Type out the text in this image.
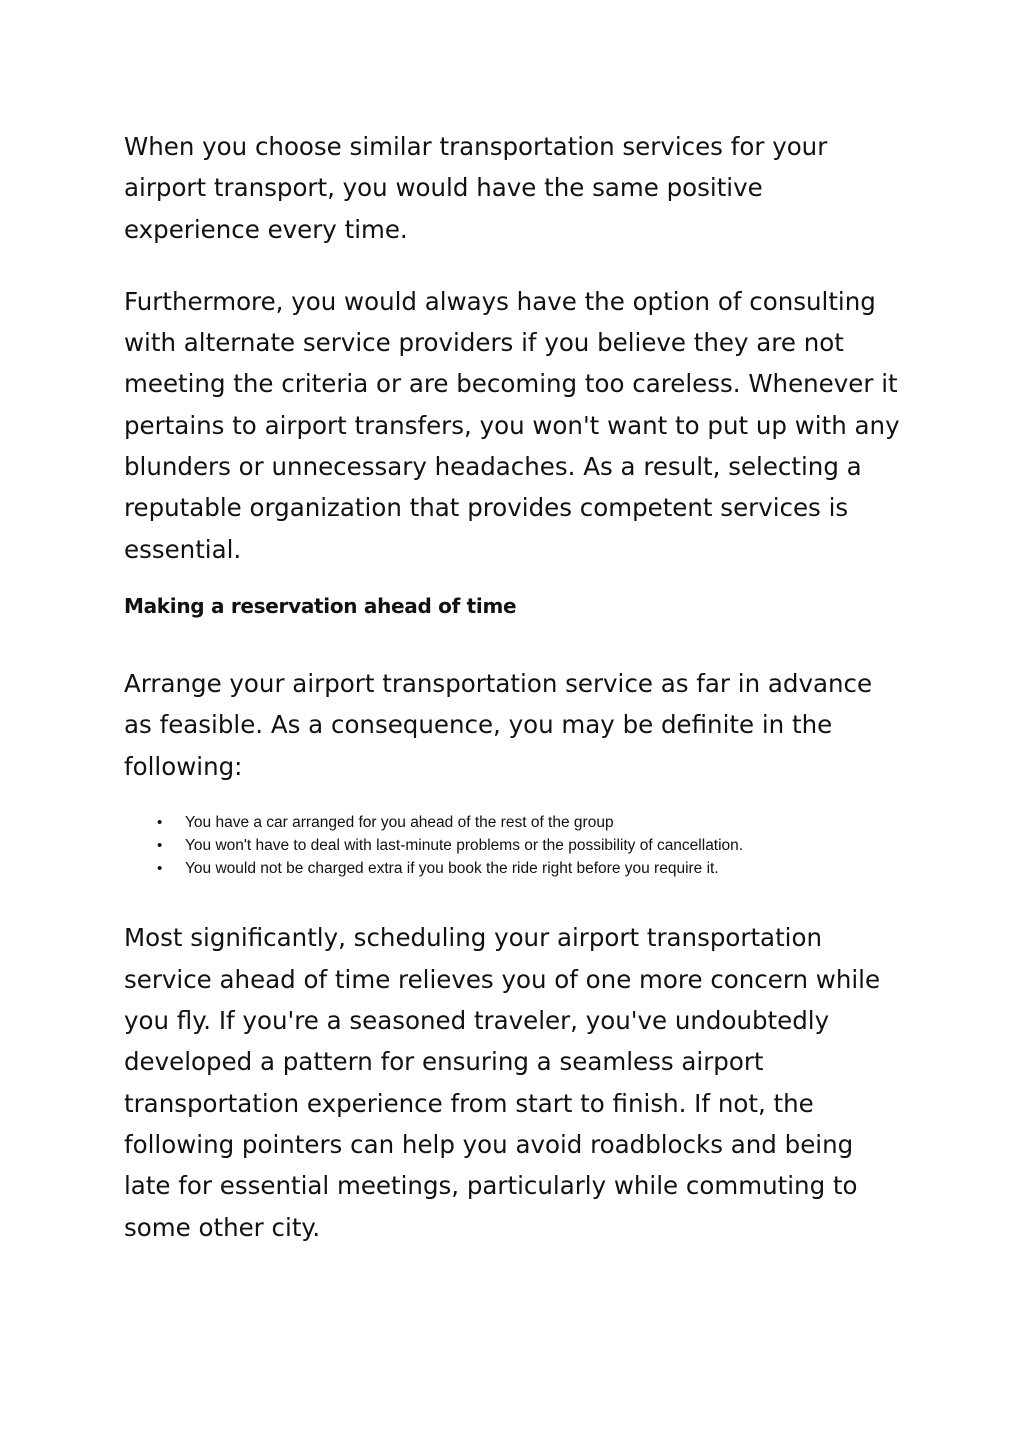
When you choose similar transportation services for your airport transport, you would have the same positive experience every time.

Furthermore, you would always have the option of consulting with alternate service providers if you believe they are not meeting the criteria or are becoming too careless. Whenever it pertains to airport transfers, you won't want to put up with any blunders or unnecessary headaches. As a result, selecting a reputable organization that provides competent services is essential.

Making a reservation ahead of time

Arrange your airport transportation service as far in advance as feasible. As a consequence, you may be definite in the following:

• You have a car arranged for you ahead of the rest of the group
• You won't have to deal with last-minute problems or the possibility of cancellation.
• You would not be charged extra if you book the ride right before you require it.

Most significantly, scheduling your airport transportation service ahead of time relieves you of one more concern while you fly. If you're a seasoned traveler, you've undoubtedly developed a pattern for ensuring a seamless airport transportation experience from start to finish. If not, the following pointers can help you avoid roadblocks and being late for essential meetings, particularly while commuting to some other city.
